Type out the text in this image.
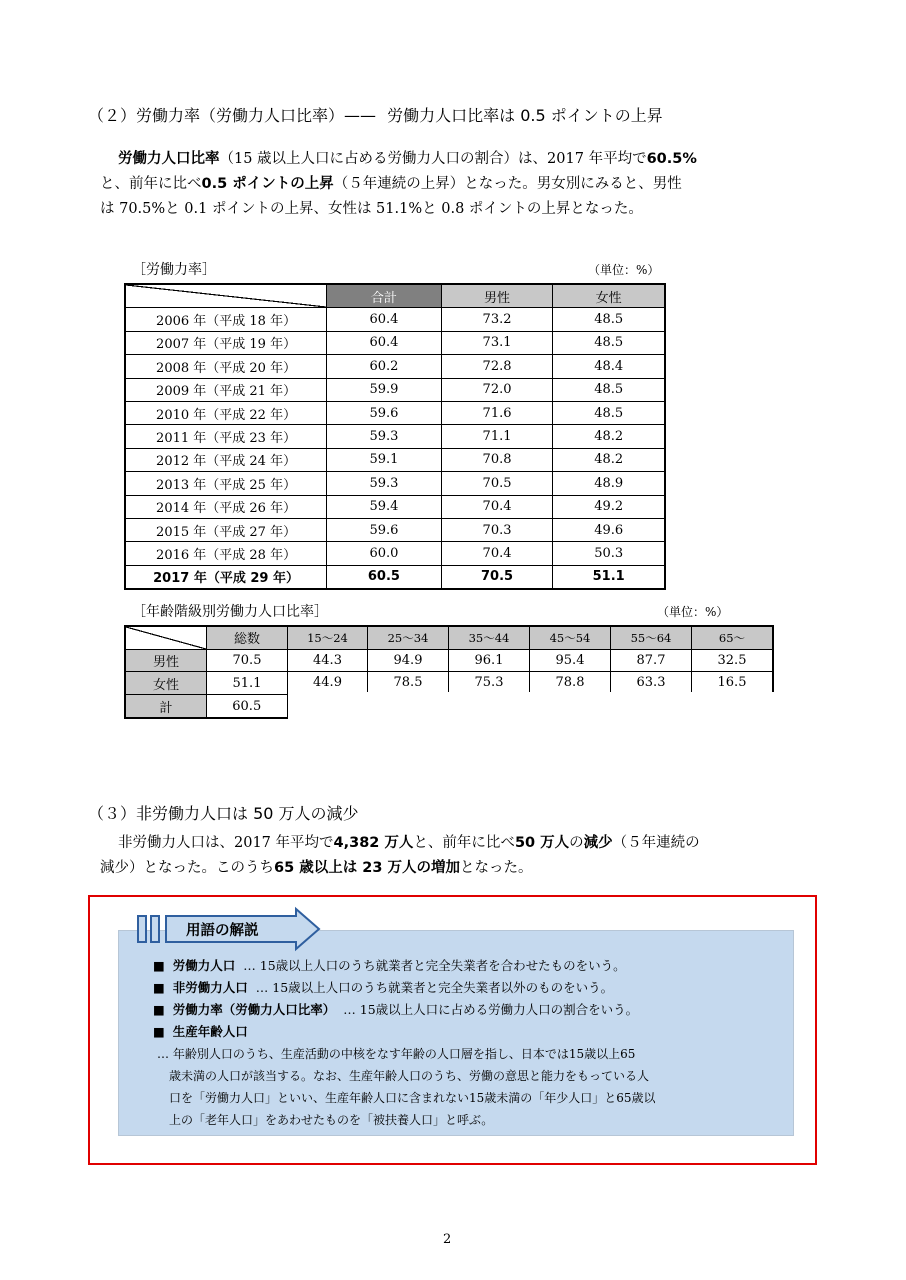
（２）労働力率（労働力人口比率）—— 労働力人口比率は 0.5 ポイントの上昇
労働力人口比率（15 歳以上人口に占める労働力人口の割合）は、2017 年平均で60.5%
と、前年に比べ0.5 ポイントの上昇（５年連続の上昇）となった。男女別にみると、男性
は 70.5%と 0.1 ポイントの上昇、女性は 51.1%と 0.8 ポイントの上昇となった。
［労働力率］	（単位：%）
	合計	男性	女性
2006 年（平成 18 年）	60.4	73.2	48.5
2007 年（平成 19 年）	60.4	73.1	48.5
2008 年（平成 20 年）	60.2	72.8	48.4
2009 年（平成 21 年）	59.9	72.0	48.5
2010 年（平成 22 年）	59.6	71.6	48.5
2011 年（平成 23 年）	59.3	71.1	48.2
2012 年（平成 24 年）	59.1	70.8	48.2
2013 年（平成 25 年）	59.3	70.5	48.9
2014 年（平成 26 年）	59.4	70.4	49.2
2015 年（平成 27 年）	59.6	70.3	49.6
2016 年（平成 28 年）	60.0	70.4	50.3
2017 年（平成 29 年）	60.5	70.5	51.1
［年齢階級別労働力人口比率］	（単位：%）
	総数	15～24	25～34	35～44	45～54	55～64	65～
男性	70.5	44.3	94.9	96.1	95.4	87.7	32.5
女性	51.1	44.9	78.5	75.3	78.8	63.3	16.5
計	60.5						
（３）非労働力人口は 50 万人の減少
非労働力人口は、2017 年平均で4,382 万人と、前年に比べ50 万人の減少（５年連続の
減少）となった。このうち65 歳以上は 23 万人の増加となった。
用語の解説
■ 労働力人口 … 15歳以上人口のうち就業者と完全失業者を合わせたものをいう。
■ 非労働力人口 … 15歳以上人口のうち就業者と完全失業者以外のものをいう。
■ 労働力率（労働力人口比率） … 15歳以上人口に占める労働力人口の割合をいう。
■ 生産年齢人口
… 年齢別人口のうち、生産活動の中核をなす年齢の人口層を指し、日本では15歳以上65
歳未満の人口が該当する。なお、生産年齢人口のうち、労働の意思と能力をもっている人
口を「労働力人口」といい、生産年齢人口に含まれない15歳未満の「年少人口」と65歳以
上の「老年人口」をあわせたものを「被扶養人口」と呼ぶ。
2
